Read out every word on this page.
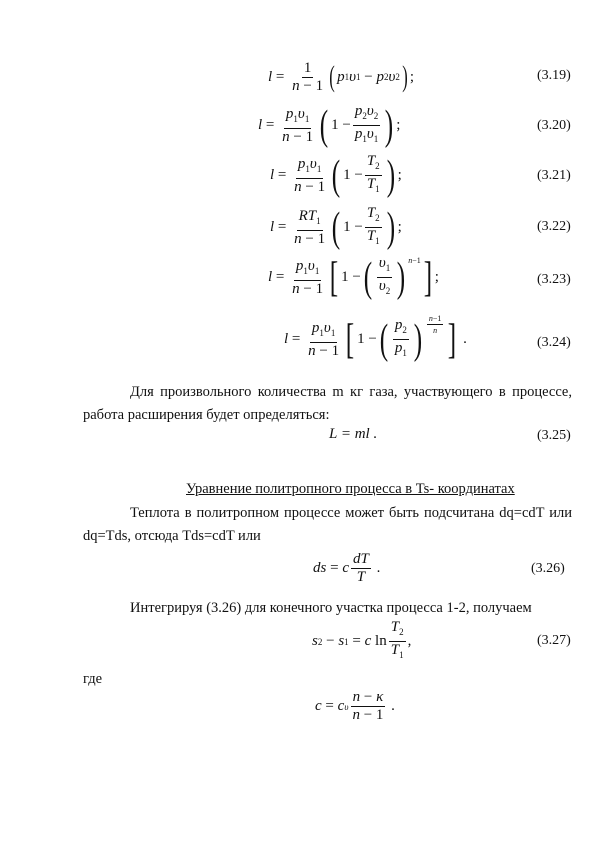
l =
1
n − 1 ( p 1 υ 1 − p 2 υ 2 ) ;	(3.19)
l =
$p_1\upsilon_1$
n − 1 ( 1 −
$p_2\upsilon_2$
$p_1\upsilon_1$ ) ;	(3.20)
l =
$p_1\upsilon_1$
n − 1 ( 1 −
$T_2$
$T_1$ ) ;	(3.21)
l =
$RT_1$
n − 1 ( 1 −
$T_2$
$T_1$ ) ;	(3.22)
l =
$p_1\upsilon_1$
n − 1 [ 1 − ( $\upsilon_1$
$\upsilon_2$ ) $^{n-1}$ ] ;	(3.23)
l =
$p_1\upsilon_1$
n − 1 [ 1 − ( $p_2$
$p_1$ ) n−1
n ] .	(3.24)
Для произвольного количества m кг газа, участвующего в процессе,
работа расширения будет определяться:
L = ml .	(3.25)
Уравнение политропного процесса в Ts- координатах
Теплота в политропном процессе может быть подсчитана dq=cdT или
dq=Tds, отсюда Tds=cdT или
ds = c
dT
T
.	(3.26)
Интегрируя (3.26) для конечного участка процесса 1-2, получаем
s 2 − s 1 = c ln
$T_2$
$T_1$
,	(3.27)
где
c = c υ
n − κ
n − 1
.
